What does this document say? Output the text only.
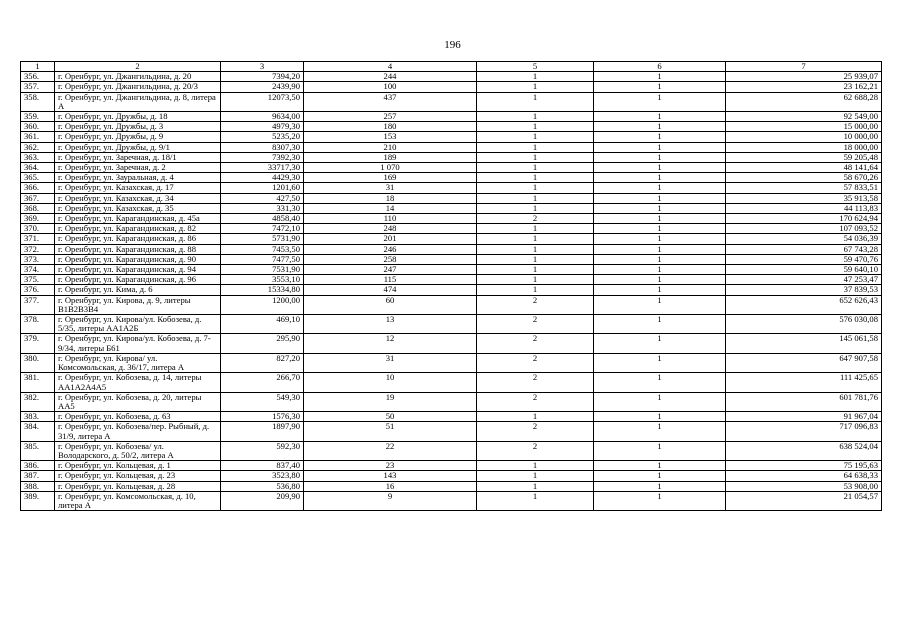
196
1	2	3	4	5	6	7
356.	г. Оренбург, ул. Джангильдина, д. 20	7394,20	244	1	1	25 939,07
357.	г. Оренбург, ул. Джангильдина, д. 20/3	2439,90	100	1	1	23 162,21
358.	г. Оренбург, ул. Джангильдина, д. 8, литера А	12073,50	437	1	1	62 688,28
359.	г. Оренбург, ул. Дружбы, д. 18	9634,00	257	1	1	92 549,00
360.	г. Оренбург, ул. Дружбы, д. 3	4979,30	180	1	1	15 000,00
361.	г. Оренбург, ул. Дружбы, д. 9	5235,20	153	1	1	10 000,00
362.	г. Оренбург, ул. Дружбы, д. 9/1	8307,30	210	1	1	18 000,00
363.	г. Оренбург, ул. Заречная, д. 18/1	7392,30	189	1	1	59 205,48
364.	г. Оренбург, ул. Заречная, д. 2	33717,30	1 070	1	1	48 141,64
365.	г. Оренбург, ул. Зауральная, д. 4	4429,30	169	1	1	58 670,26
366.	г. Оренбург, ул. Казахская, д. 17	1201,60	31	1	1	57 833,51
367.	г. Оренбург, ул. Казахская, д. 34	427,50	18	1	1	35 913,58
368.	г. Оренбург, ул. Казахская, д. 35	331,30	14	1	1	44 113,83
369.	г. Оренбург, ул. Карагандинская, д. 45а	4858,40	110	2	1	170 624,94
370.	г. Оренбург, ул. Карагандинская, д. 82	7472,10	248	1	1	107 093,52
371.	г. Оренбург, ул. Карагандинская, д. 86	5731,90	201	1	1	54 036,39
372.	г. Оренбург, ул. Карагандинская, д. 88	7453,50	246	1	1	67 743,28
373.	г. Оренбург, ул. Карагандинская, д. 90	7477,50	258	1	1	59 470,76
374.	г. Оренбург, ул. Карагандинская, д. 94	7531,90	247	1	1	59 640,10
375.	г. Оренбург, ул. Карагандинская, д. 96	3553,10	115	1	1	47 253,47
376.	г. Оренбург, ул. Кима, д. 6	15334,80	474	1	1	37 839,53
377.	г. Оренбург, ул. Кирова, д. 9, литеры В1В2В3В4	1200,00	60	2	1	652 626,43
378.	г. Оренбург, ул. Кирова/ул. Кобозева, д. 5/35, литеры АА1А2Б	469,10	13	2	1	576 030,08
379.	г. Оренбург, ул. Кирова/ул. Кобозева, д. 7-9/34, литеры Б61	295,90	12	2	1	145 061,58
380.	г. Оренбург, ул. Кирова/ ул. Комсомольская, д. 36/17, литера А	827,20	31	2	1	647 907,58
381.	г. Оренбург, ул. Кобозева, д. 14, литеры АА1А2А4А5	266,70	10	2	1	111 425,65
382.	г. Оренбург, ул. Кобозева, д. 20, литеры АА5	549,30	19	2	1	601 781,76
383.	г. Оренбург, ул. Кобозева, д. 63	1576,30	50	1	1	91 967,04
384.	г. Оренбург, ул. Кобозева/пер. Рыбный, д. 31/9, литера А	1897,90	51	2	1	717 096,83
385.	г. Оренбург, ул. Кобозева/ ул. Володарского, д. 50/2, литера А	592,30	22	2	1	638 524,04
386.	г. Оренбург, ул. Кольцевая, д. 1	837,40	23	1	1	75 195,63
387.	г. Оренбург, ул. Кольцевая, д. 23	3523,80	143	1	1	64 638,33
388.	г. Оренбург, ул. Кольцевая, д. 28	536,80	16	1	1	53 908,00
389.	г. Оренбург, ул. Комсомольская, д. 10, литера А	209,90	9	1	1	21 054,57
